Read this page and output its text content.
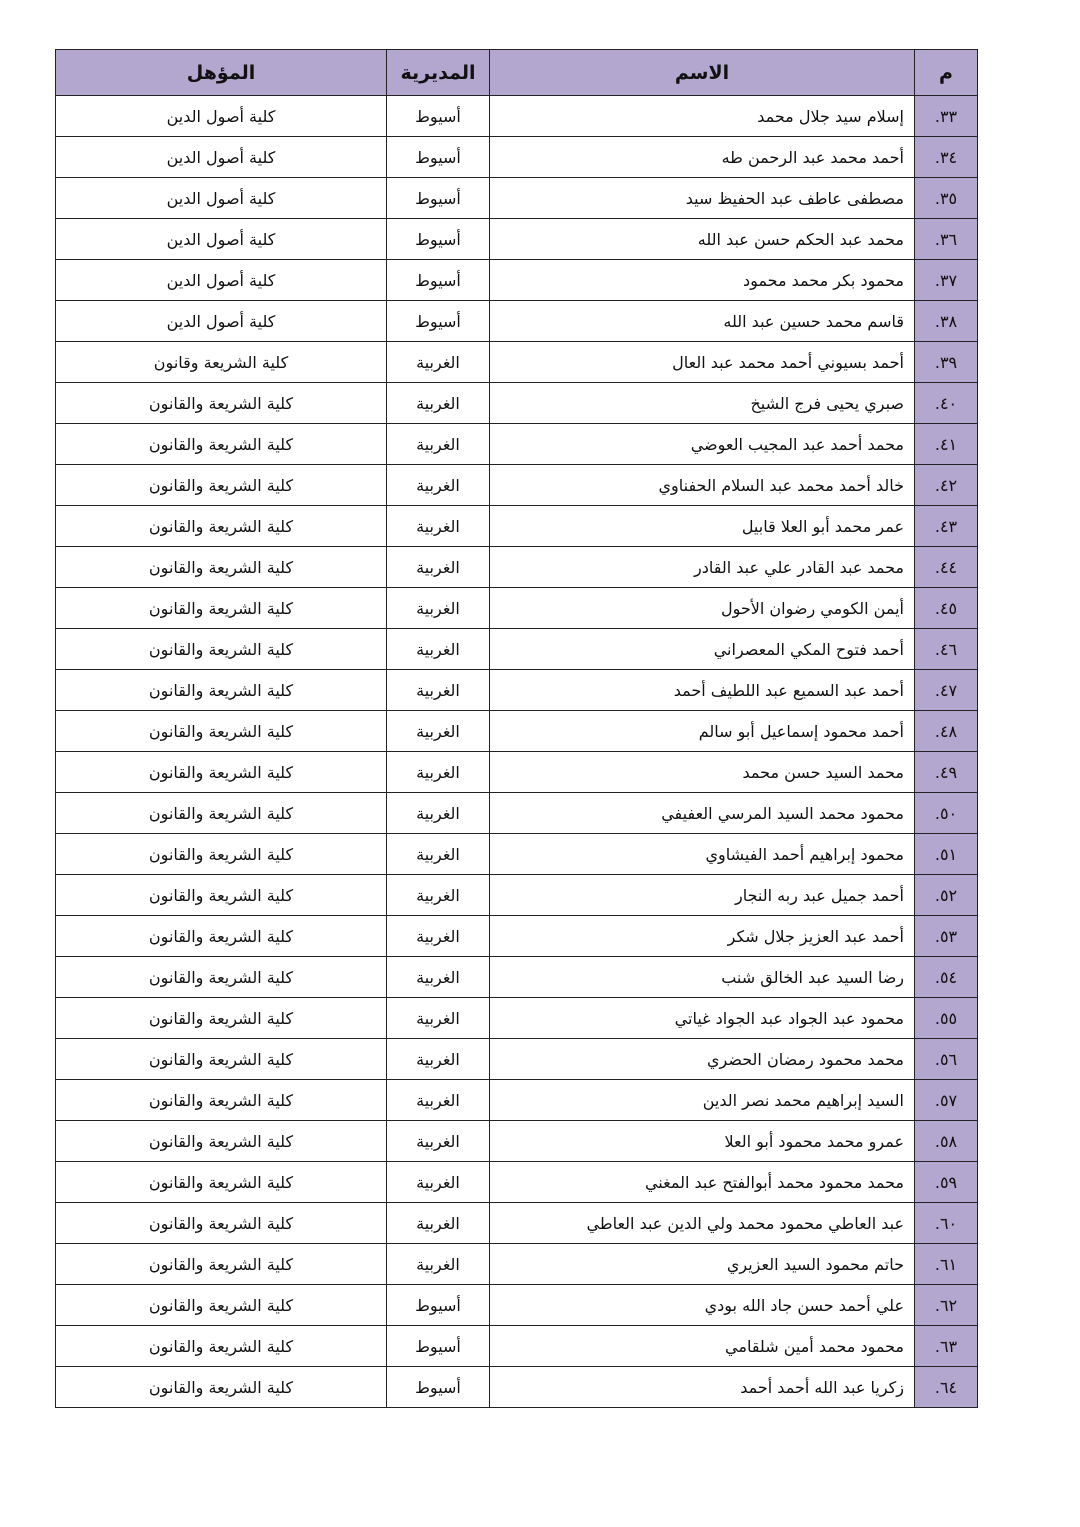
م	الاسم	المديرية	المؤهل
٣٣.	إسلام سيد جلال محمد	أسيوط	كلية أصول الدين
٣٤.	أحمد محمد عبد الرحمن طه	أسيوط	كلية أصول الدين
٣٥.	مصطفى عاطف عبد الحفيظ سيد	أسيوط	كلية أصول الدين
٣٦.	محمد عبد الحكم حسن عبد الله	أسيوط	كلية أصول الدين
٣٧.	محمود بكر محمد محمود	أسيوط	كلية أصول الدين
٣٨.	قاسم محمد حسين عبد الله	أسيوط	كلية أصول الدين
٣٩.	أحمد بسيوني أحمد محمد عبد العال	الغربية	كلية الشريعة وقانون
٤٠.	صبري يحيى فرج الشيخ	الغربية	كلية الشريعة والقانون
٤١.	محمد أحمد عبد المجيب العوضي	الغربية	كلية الشريعة والقانون
٤٢.	خالد أحمد محمد عبد السلام الحفناوي	الغربية	كلية الشريعة والقانون
٤٣.	عمر محمد أبو العلا قابيل	الغربية	كلية الشريعة والقانون
٤٤.	محمد عبد القادر علي عبد القادر	الغربية	كلية الشريعة والقانون
٤٥.	أيمن الكومي رضوان الأحول	الغربية	كلية الشريعة والقانون
٤٦.	أحمد فتوح المكي المعصراني	الغربية	كلية الشريعة والقانون
٤٧.	أحمد عبد السميع عبد اللطيف أحمد	الغربية	كلية الشريعة والقانون
٤٨.	أحمد محمود إسماعيل أبو سالم	الغربية	كلية الشريعة والقانون
٤٩.	محمد السيد حسن محمد	الغربية	كلية الشريعة والقانون
٥٠.	محمود محمد السيد المرسي العفيفي	الغربية	كلية الشريعة والقانون
٥١.	محمود إبراهيم أحمد الفيشاوي	الغربية	كلية الشريعة والقانون
٥٢.	أحمد جميل عبد ربه النجار	الغربية	كلية الشريعة والقانون
٥٣.	أحمد عبد العزيز جلال شكر	الغربية	كلية الشريعة والقانون
٥٤.	رضا السيد عبد الخالق شنب	الغربية	كلية الشريعة والقانون
٥٥.	محمود عبد الجواد عبد الجواد غياتي	الغربية	كلية الشريعة والقانون
٥٦.	محمد محمود رمضان الحضري	الغربية	كلية الشريعة والقانون
٥٧.	السيد إبراهيم محمد نصر الدين	الغربية	كلية الشريعة والقانون
٥٨.	عمرو محمد محمود أبو العلا	الغربية	كلية الشريعة والقانون
٥٩.	محمد محمود محمد أبوالفتح عبد المغني	الغربية	كلية الشريعة والقانون
٦٠.	عبد العاطي محمود محمد ولي الدين عبد العاطي	الغربية	كلية الشريعة والقانون
٦١.	حاتم محمود السيد العزيري	الغربية	كلية الشريعة والقانون
٦٢.	علي أحمد حسن جاد الله بودي	أسيوط	كلية الشريعة والقانون
٦٣.	محمود محمد أمين شلقامي	أسيوط	كلية الشريعة والقانون
٦٤.	زكريا عبد الله أحمد أحمد	أسيوط	كلية الشريعة والقانون
